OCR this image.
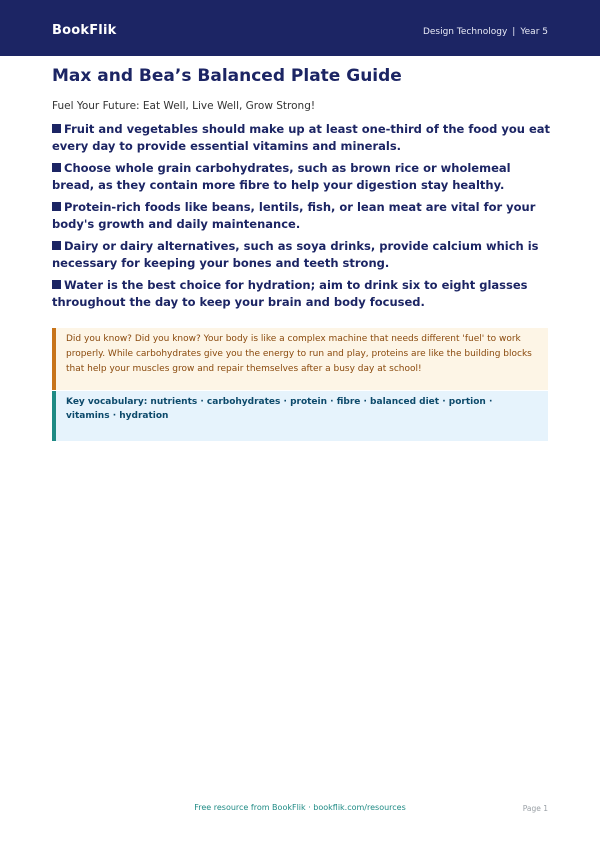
BookFlik	Design Technology | Year 5
Max and Bea’s Balanced Plate Guide
Fuel Your Future: Eat Well, Live Well, Grow Strong!
Fruit and vegetables should make up at least one-third of the food you eat every day to provide essential vitamins and minerals.
Choose whole grain carbohydrates, such as brown rice or wholemeal bread, as they contain more fibre to help your digestion stay healthy.
Protein-rich foods like beans, lentils, fish, or lean meat are vital for your body's growth and daily maintenance.
Dairy or dairy alternatives, such as soya drinks, provide calcium which is necessary for keeping your bones and teeth strong.
Water is the best choice for hydration; aim to drink six to eight glasses throughout the day to keep your brain and body focused.
Did you know? Did you know? Your body is like a complex machine that needs different 'fuel' to work properly. While carbohydrates give you the energy to run and play, proteins are like the building blocks that help your muscles grow and repair themselves after a busy day at school!
Key vocabulary: nutrients · carbohydrates · protein · fibre · balanced diet · portion · vitamins · hydration
Free resource from BookFlik · bookflik.com/resources	Page 1
